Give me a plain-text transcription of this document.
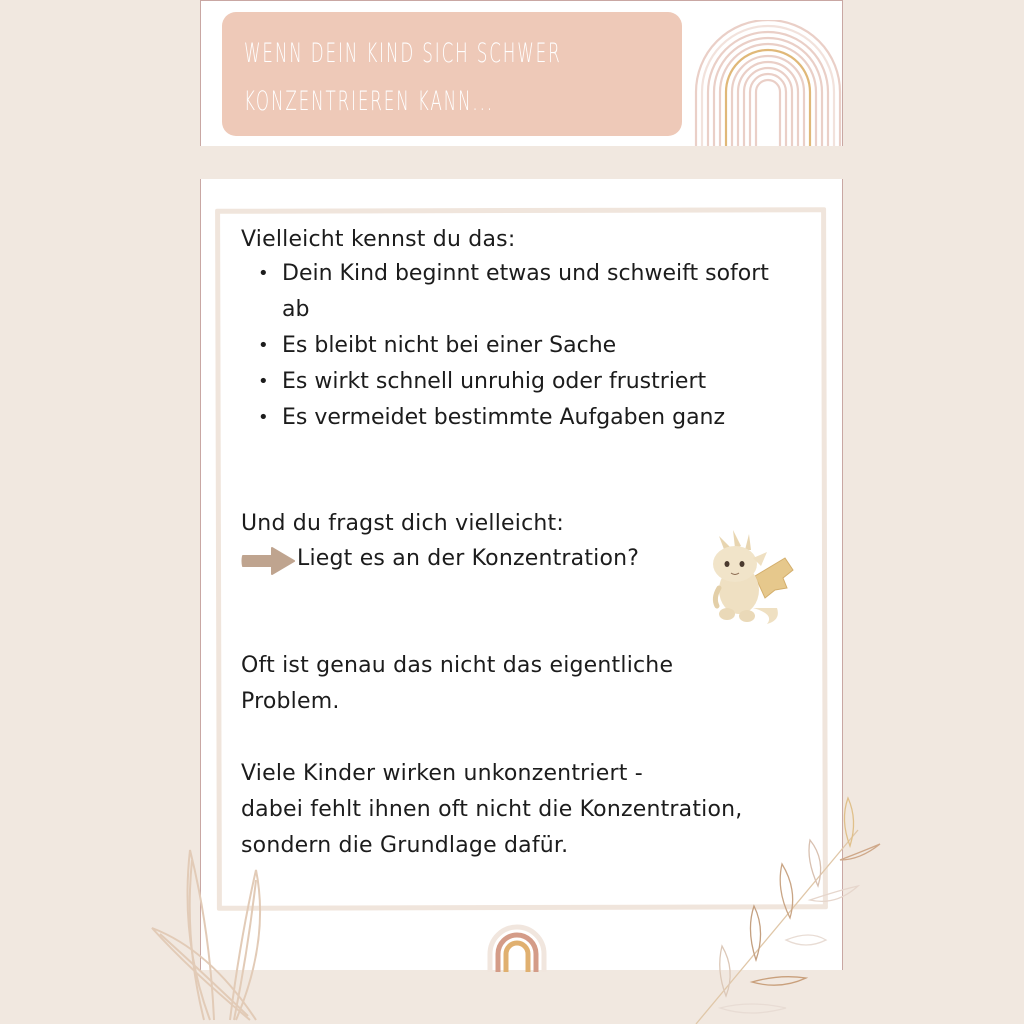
WENN DEIN KIND SICH SCHWER
KONZENTRIEREN KANN...
Vielleicht kennst du das:
• Dein Kind beginnt etwas und schweift sofort ab
• Es bleibt nicht bei einer Sache
• Es wirkt schnell unruhig oder frustriert
• Es vermeidet bestimmte Aufgaben ganz
Und du fragst dich vielleicht:
Liegt es an der Konzentration?
Oft ist genau das nicht das eigentliche
Problem.
Viele Kinder wirken unkonzentriert -
dabei fehlt ihnen oft nicht die Konzentration,
sondern die Grundlage dafür.
